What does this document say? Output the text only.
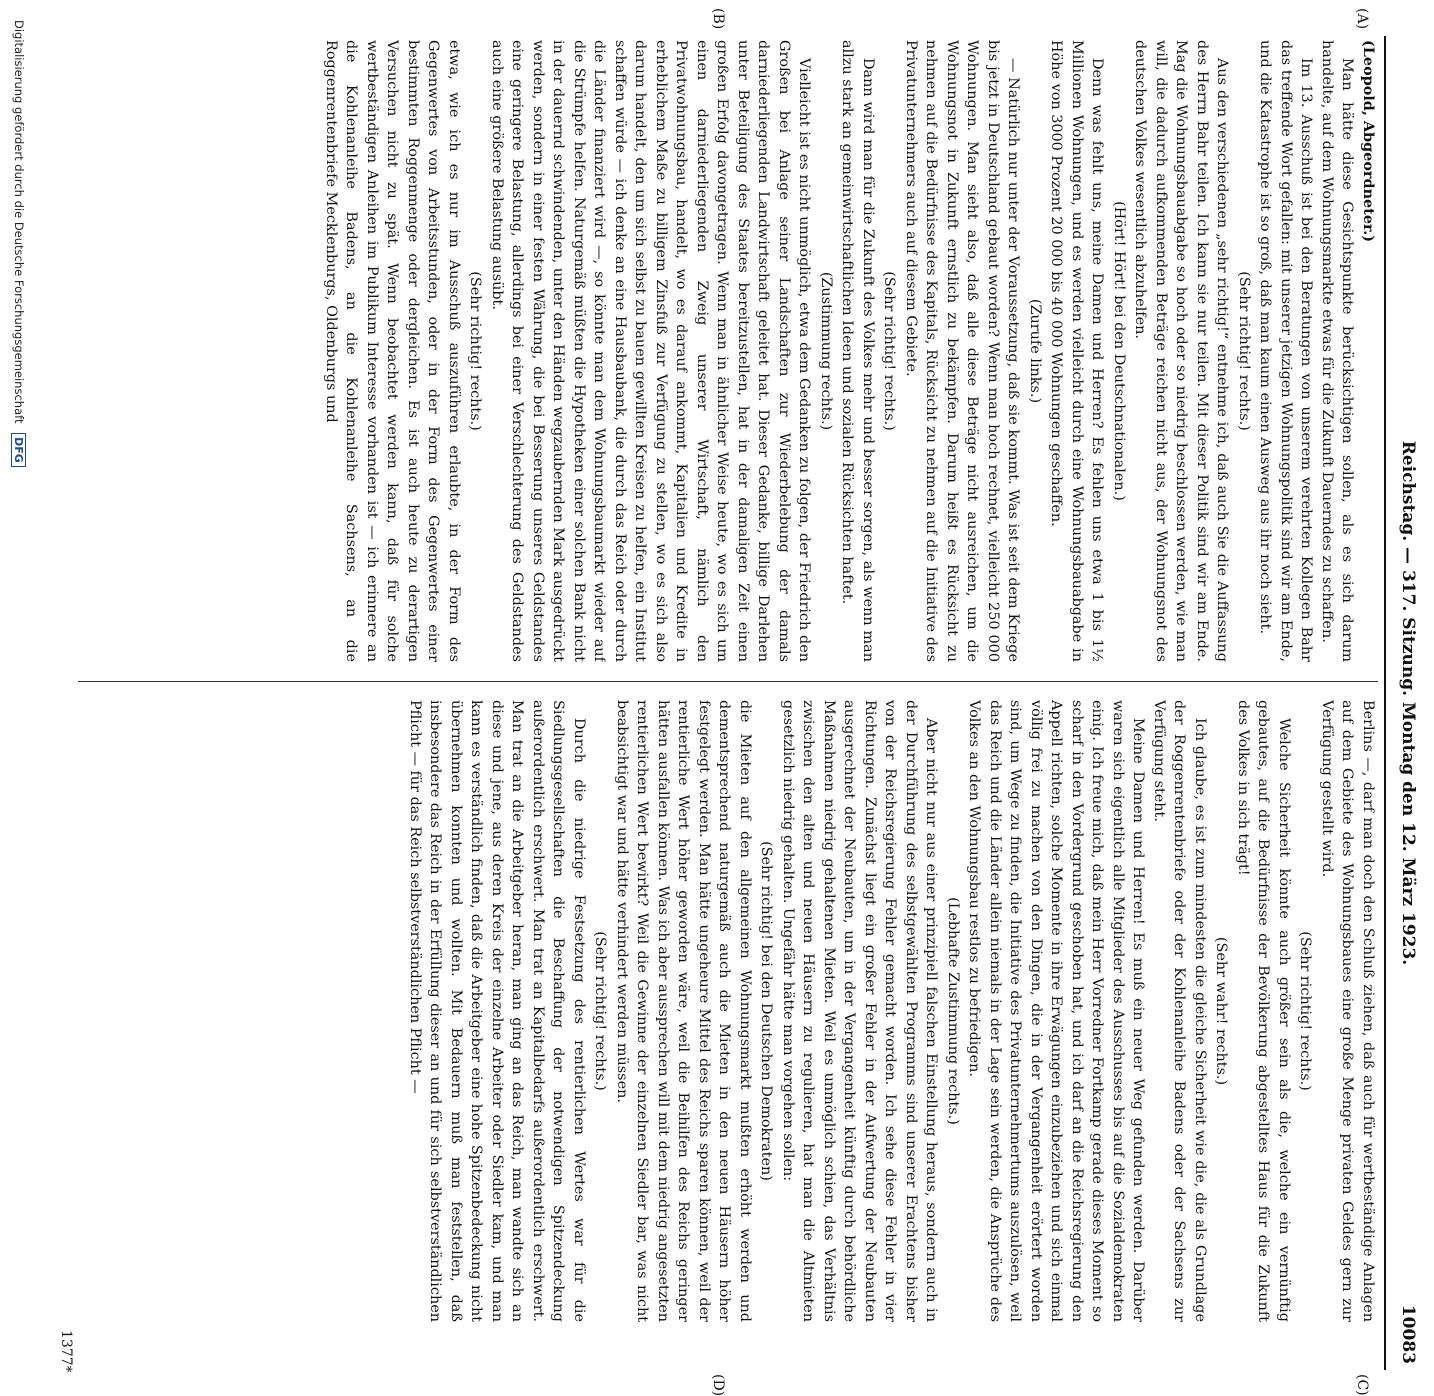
Reichstag. — 317. Sitzung. Montag den 12. März 1923.
10083
(A)
(B)
(C)
(D)

(Leopold, Abgeordneter.)

Man hätte diese Gesichtspunkte berücksichtigen sollen, als es sich darum handelte, auf dem Wohnungsmarkte etwas für die Zukunft Dauerndes zu schaffen.

Im 13. Ausschuß ist bei den Beratungen von unserem verehrten Kollegen Bahr das treffende Wort gefallen: mit unserer jetzigen Wohnungspolitik sind wir am Ende, und die Katastrophe ist so groß, daß man kaum einen Ausweg aus ihr noch sieht.

(Sehr richtig! rechts.)

Aus den verschiedenen „sehr richtig!“ entnehme ich, daß auch Sie die Auffassung des Herrn Bahr teilen. Ich kann sie nur teilen. Mit dieser Politik sind wir am Ende. Mag die Wohnungsbauabgabe so hoch oder so niedrig beschlossen werden, wie man will, die dadurch aufkommenden Beträge reichen nicht aus, der Wohnungsnot des deutschen Volkes wesentlich abzuhelfen.

(Hört! Hört! bei den Deutschnationalen.)

Denn was fehlt uns, meine Damen und Herren? Es fehlen uns etwa 1 bis 1½ Millionen Wohnungen, und es werden vielleicht durch eine Wohnungsbauabgabe in Höhe von 3000 Prozent 20 000 bis 40 000 Wohnungen geschaffen.

(Zurufe links.)

— Natürlich nur unter der Voraussetzung, daß sie kommt. Was ist seit dem Kriege bis jetzt in Deutschland gebaut worden? Wenn man hoch rechnet, vielleicht 250 000 Wohnungen. Man sieht also, daß alle diese Beträge nicht ausreichen, um die Wohnungsnot in Zukunft ernstlich zu bekämpfen. Darum heißt es Rücksicht zu nehmen auf die Bedürfnisse des Kapitals, Rücksicht zu nehmen auf die Initiative des Privatunternehmers auch auf diesem Gebiete.

(Sehr richtig! rechts.)

Dann wird man für die Zukunft des Volkes mehr und besser sorgen, als wenn man allzu stark an gemeinwirtschaftlichen Ideen und sozialen Rücksichten haftet.

(Zustimmung rechts.)

Vielleicht ist es nicht unmöglich, etwa dem Gedanken zu folgen, der Friedrich den Großen bei Anlage seiner Landschaften zur Wiederbelebung der damals darniederliegenden Landwirtschaft geleitet hat. Dieser Gedanke, billige Darlehen unter Beteiligung des Staates bereitzustellen, hat in der damaligen Zeit einen großen Erfolg davongetragen. Wenn man in ähnlicher Weise heute, wo es sich um einen darniederliegenden Zweig unserer Wirtschaft, nämlich den Privatwohnungsbau, handelt, wo es darauf ankommt, Kapitalien und Kredite in erheblichem Maße zu billigem Zinsfuß zur Verfügung zu stellen, wo es sich also darum handelt, den um sich selbst zu bauen gewillten Kreisen zu helfen, ein Institut schaffen würde — ich denke an eine Hausbaubank, die durch das Reich oder durch die Länder finanziert wird —, so könnte man dem Wohnungsbaumarkt wieder auf die Strümpfe helfen. Naturgemäß müßten die Hypotheken einer solchen Bank nicht in der dauernd schwindenden, unter den Händen wegzaubernden Mark ausgedrückt werden, sondern in einer festen Währung, die bei Besserung unseres Geldstandes eine geringere Belastung, allerdings bei einer Verschlechterung des Geldstandes auch eine größere Belastung ausübt.

(Sehr richtig! rechts.)

etwa, wie ich es nur im Ausschuß auszuführen erlaubte, in der Form des Gegenwertes von Arbeitsstunden, oder in der Form des Gegenwertes einer bestimmten Roggenmenge oder dergleichen. Es ist auch heute zu derartigen Versuchen nicht zu spät. Wenn beobachtet werden kann, daß für solche wertbeständigen Anleihen im Publikum Interesse vorhanden ist — ich erinnere an die Kohlenanleihe Badens, an die Kohlenanleihe Sachsens, an die Roggenrentenbriefe Mecklenburgs, Oldenburgs und

Berlins —, darf man doch den Schluß ziehen, daß auch für wertbeständige Anlagen auf dem Gebiete des Wohnungsbaues eine große Menge privaten Geldes gern zur Verfügung gestellt wird.

(Sehr richtig! rechts.)

Welche Sicherheit könnte auch größer sein als die, welche ein vernünftig gebautes, auf die Bedürfnisse der Bevölkerung abgestelltes Haus für die Zukunft des Volkes in sich trägt!

(Sehr wahr! rechts.)

Ich glaube, es ist zum mindesten die gleiche Sicherheit wie die, die als Grundlage der Roggenrentenbriefe oder der Kohlenanleihe Badens oder der Sachsens zur Verfügung steht.

Meine Damen und Herren! Es muß ein neuer Weg gefunden werden. Darüber waren sich eigentlich alle Mitglieder des Ausschusses bis auf die Sozialdemokraten einig. Ich freue mich, daß mein Herr Vorredner Fortkamp gerade dieses Moment so scharf in den Vordergrund geschoben hat, und ich darf an die Reichsregierung den Appell richten, solche Momente in ihre Erwägungen einzubeziehen und sich einmal völlig frei zu machen von den Dingen, die in der Vergangenheit erörtert worden sind, um Wege zu finden, die Initiative des Privatunternehmertums auszulösen, weil das Reich und die Länder allein niemals in der Lage sein werden, die Ansprüche des Volkes an den Wohnungsbau restlos zu befriedigen.

(Lebhafte Zustimmung rechts.)

Aber nicht nur aus einer prinzipiell falschen Einstellung heraus, sondern auch in der Durchführung des selbstgewählten Programms sind unserer Erachtens bisher von der Reichsregierung Fehler gemacht worden. Ich sehe diese Fehler in vier Richtungen. Zunächst liegt ein großer Fehler in der Aufwertung der Neubauten ausgerechnet der Neubauten, um in der Vergangenheit künftig durch behördliche Maßnahmen niedrig gehaltenen Mieten. Weil es unmöglich schien, das Verhältnis zwischen den alten und neuen Häusern zu regulieren, hat man die Altmieten gesetzlich niedrig gehalten. Ungefähr hätte man vorgehen sollen:

(Sehr richtig! bei den Deutschen Demokraten)

die Mieten auf den allgemeinen Wohnungsmarkt mußten erhöht werden und dementsprechend naturgemäß auch die Mieten in den neuen Häusern höher festgelegt werden. Man hätte ungeheure Mittel des Reichs sparen können, weil der rentierliche Wert höher geworden wäre, weil die Beihilfen des Reichs geringer hätten ausfallen können. Was ich aber aussprechen will mit dem niedrig angesetzten rentierlichen Wert bewirkt? Weil die Gewinne der einzelnen Siedler bar, was nicht beabsichtigt war und hätte verhindert werden müssen.

(Sehr richtig! rechts.)

Durch die niedrige Festsetzung des rentierlichen Wertes war für die Siedlungsgesellschaften die Beschaffung der notwendigen Spitzendeckung außerordentlich erschwert. Man trat an Kapitalbedarfs außerordentlich erschwert. Man trat an die Arbeitgeber heran, man ging an das Reich, man wandte sich an diese und jene, aus deren Kreis der einzelne Arbeiter oder Siedler kam, und man kann es verständlich finden, daß die Arbeitgeber eine hohe Spitzenbedeckung nicht übernehmen konnten und wollten. Mit Bedauern muß man feststellen, daß insbesondere das Reich in der Erfüllung dieser an und für sich selbstverständlichen Pflicht — für das Reich selbstverständlichen Pflicht —

1377*
Digitalisierung gefördert durch die Deutsche Forschungsgemeinschaft DFG
